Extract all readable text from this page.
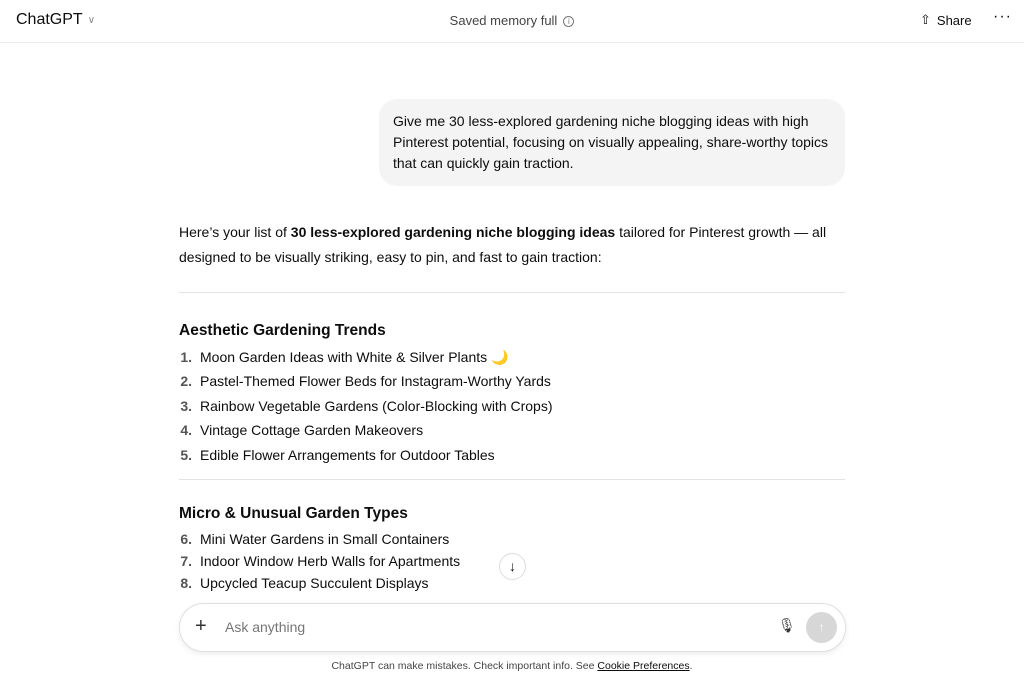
ChatGPT ∨	Saved memory full i	⇧ Share ···
Give me 30 less-explored gardening niche blogging ideas with high Pinterest potential, focusing on visually appealing, share-worthy topics that can quickly gain traction.
Here’s your list of 30 less-explored gardening niche blogging ideas tailored for Pinterest growth — all designed to be visually striking, easy to pin, and fast to gain traction:
Aesthetic Gardening Trends
1. Moon Garden Ideas with White & Silver Plants 🌙
2. Pastel-Themed Flower Beds for Instagram-Worthy Yards
3. Rainbow Vegetable Gardens (Color-Blocking with Crops)
4. Vintage Cottage Garden Makeovers
5. Edible Flower Arrangements for Outdoor Tables
Micro & Unusual Garden Types
6. Mini Water Gardens in Small Containers
7. Indoor Window Herb Walls for Apartments
8. Upcycled Teacup Succulent Displays
↓
+
Ask anything	🎙	↑
ChatGPT can make mistakes. Check important info. See Cookie Preferences.
